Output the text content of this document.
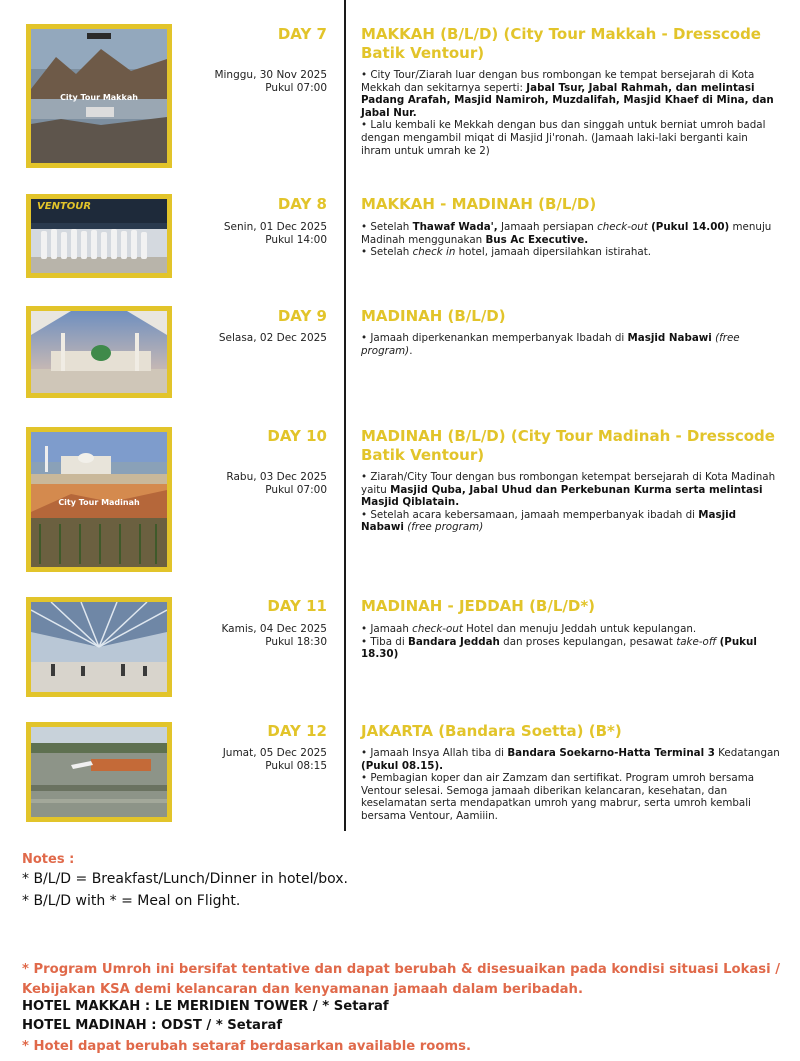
City Tour Makkah
DAY 7
Minggu, 30 Nov 2025
Pukul 07:00
MAKKAH (B/L/D) (City Tour Makkah - Dresscode Batik Ventour)
• City Tour/Ziarah luar dengan bus rombongan ke tempat bersejarah di Kota Mekkah dan sekitarnya seperti: Jabal Tsur, Jabal Rahmah, dan melintasi Padang Arafah, Masjid Namiroh, Muzdalifah, Masjid Khaef di Mina, dan Jabal Nur.
• Lalu kembali ke Mekkah dengan bus dan singgah untuk berniat umroh badal dengan mengambil miqat di Masjid Ji'ronah. (Jamaah laki-laki berganti kain ihram untuk umrah ke 2)
VENTOUR	DAY 8
Senin, 01 Dec 2025
Pukul 14:00
MAKKAH - MADINAH (B/L/D)
• Setelah Thawaf Wada', Jamaah persiapan check-out (Pukul 14.00) menuju Madinah menggunakan Bus Ac Executive.
• Setelah check in hotel, jamaah dipersilahkan istirahat.
DAY 9
Selasa, 02 Dec 2025
MADINAH (B/L/D)
• Jamaah diperkenankan memperbanyak Ibadah di Masjid Nabawi (free program).
City Tour Madinah
DAY 10
Rabu, 03 Dec 2025
Pukul 07:00
MADINAH (B/L/D) (City Tour Madinah - Dresscode Batik Ventour)
• Ziarah/City Tour dengan bus rombongan ketempat bersejarah di Kota Madinah yaitu Masjid Quba, Jabal Uhud dan Perkebunan Kurma serta melintasi Masjid Qiblatain.
• Setelah acara kebersamaan, jamaah memperbanyak ibadah di Masjid Nabawi (free program)
DAY 11
Kamis, 04 Dec 2025
Pukul 18:30
MADINAH - JEDDAH (B/L/D*)
• Jamaah check-out Hotel dan menuju Jeddah untuk kepulangan.
• Tiba di Bandara Jeddah dan proses kepulangan, pesawat take-off (Pukul 18.30)
DAY 12
Jumat, 05 Dec 2025
Pukul 08:15
JAKARTA (Bandara Soetta) (B*)
• Jamaah Insya Allah tiba di Bandara Soekarno-Hatta Terminal 3 Kedatangan (Pukul 08.15).
• Pembagian koper dan air Zamzam dan sertifikat. Program umroh bersama Ventour selesai. Semoga jamaah diberikan kelancaran, kesehatan, dan keselamatan serta mendapatkan umroh yang mabrur, serta umroh kembali bersama Ventour, Aamiiin.
Notes :
* B/L/D = Breakfast/Lunch/Dinner in hotel/box.
* B/L/D with * = Meal on Flight.
* Program Umroh ini bersifat tentative dan dapat berubah & disesuaikan pada kondisi situasi Lokasi / Kebijakan KSA demi kelancaran dan kenyamanan jamaah dalam beribadah.
HOTEL MAKKAH : LE MERIDIEN TOWER / * Setaraf
HOTEL MADINAH : ODST / * Setaraf
* Hotel dapat berubah setaraf berdasarkan available rooms.
